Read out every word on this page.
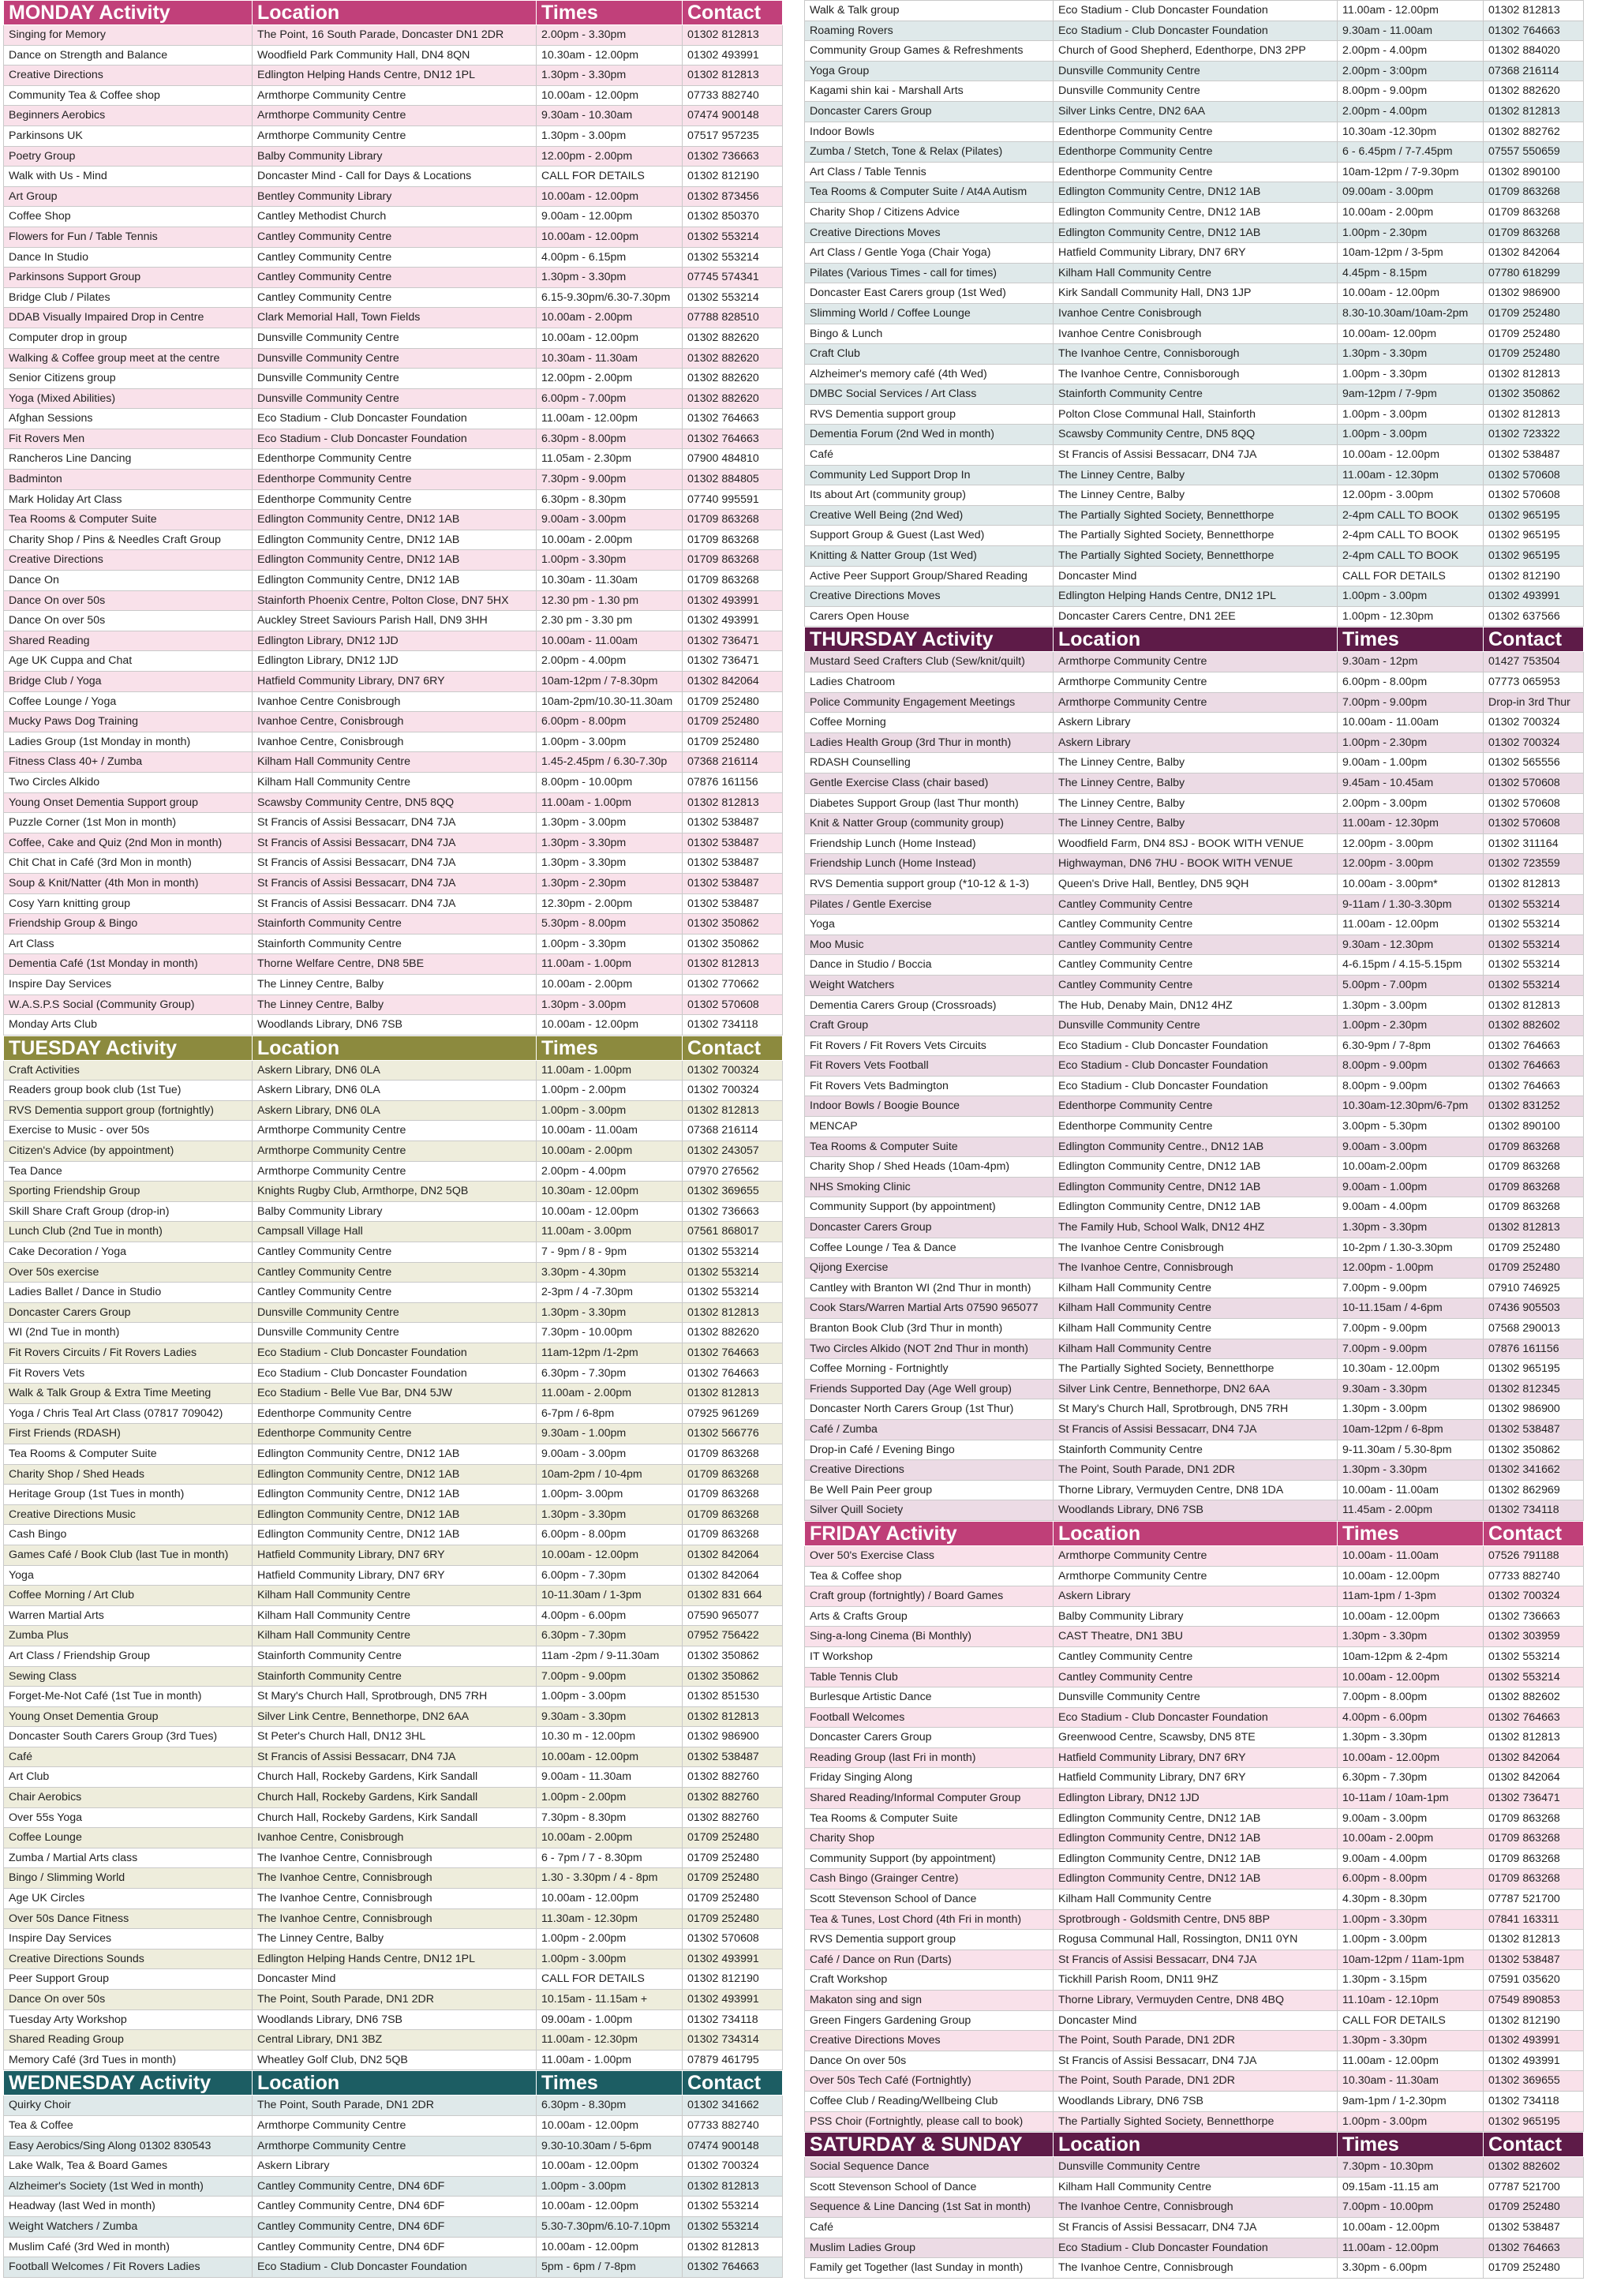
MONDAY Activity	Location	Times	Contact
Singing for Memory	The Point, 16 South Parade, Doncaster DN1 2DR	2.00pm - 3.30pm	01302 812813
Dance on Strength and Balance	Woodfield Park Community Hall, DN4 8QN	10.30am - 12.00pm	01302 493991
Creative Directions	Edlington Helping Hands Centre, DN12 1PL	1.30pm - 3.30pm	01302 812813
Community Tea & Coffee shop	Armthorpe Community Centre	10.00am - 12.00pm	07733 882740
Beginners Aerobics	Armthorpe Community Centre	9.30am - 10.30am	07474 900148
Parkinsons UK	Armthorpe Community Centre	1.30pm - 3.00pm	07517 957235
Poetry Group	Balby Community Library	12.00pm - 2.00pm	01302 736663
Walk with Us - Mind	Doncaster Mind - Call for Days & Locations	CALL FOR DETAILS	01302 812190
Art Group	Bentley Community Library	10.00am - 12.00pm	01302 873456
Coffee Shop	Cantley Methodist Church	9.00am - 12.00pm	01302 850370
Flowers for Fun / Table Tennis	Cantley Community Centre	10.00am - 12.00pm	01302 553214
Dance In Studio	Cantley Community Centre	4.00pm - 6.15pm	01302 553214
Parkinsons Support Group	Cantley Community Centre	1.30pm - 3.30pm	07745 574341
Bridge Club / Pilates	Cantley Community Centre	6.15-9.30pm/6.30-7.30pm	01302 553214
DDAB Visually Impaired Drop in Centre	Clark Memorial Hall, Town Fields	10.00am - 2.00pm	07788 828510
Computer drop in group	Dunsville Community Centre	10.00am - 12.00pm	01302 882620
Walking & Coffee group meet at the centre	Dunsville Community Centre	10.30am - 11.30am	01302 882620
Senior Citizens group	Dunsville Community Centre	12.00pm - 2.00pm	01302 882620
Yoga (Mixed Abilities)	Dunsville Community Centre	6.00pm - 7.00pm	01302 882620
Afghan Sessions	Eco Stadium - Club Doncaster Foundation	11.00am - 12.00pm	01302 764663
Fit Rovers Men	Eco Stadium - Club Doncaster Foundation	6.30pm - 8.00pm	01302 764663
Rancheros Line Dancing	Edenthorpe Community Centre	11.05am - 2.30pm	07900 484810
Badminton	Edenthorpe Community Centre	7.30pm - 9.00pm	01302 884805
Mark Holiday Art Class	Edenthorpe Community Centre	6.30pm - 8.30pm	07740 995591
Tea Rooms & Computer Suite	Edlington Community Centre, DN12 1AB	9.00am - 3.00pm	01709 863268
Charity Shop / Pins & Needles Craft Group	Edlington Community Centre, DN12 1AB	10.00am - 2.00pm	01709 863268
Creative Directions	Edlington Community Centre, DN12 1AB	1.00pm - 3.30pm	01709 863268
Dance On	Edlington Community Centre, DN12 1AB	10.30am - 11.30am	01709 863268
Dance On over 50s	Stainforth Phoenix Centre, Polton Close, DN7 5HX	12.30 pm - 1.30 pm	01302 493991
Dance On over 50s	Auckley Street Saviours Parish Hall, DN9 3HH	2.30 pm - 3.30 pm	01302 493991
Shared Reading	Edlington Library, DN12 1JD	10.00am - 11.00am	01302 736471
Age UK Cuppa and Chat	Edlington Library, DN12 1JD	2.00pm - 4.00pm	01302 736471
Bridge Club / Yoga	Hatfield Community Library, DN7 6RY	10am-12pm / 7-8.30pm	01302 842064
Coffee Lounge / Yoga	Ivanhoe Centre Conisbrough	10am-2pm/10.30-11.30am	01709 252480
Mucky Paws Dog Training	Ivanhoe Centre, Conisbrough	6.00pm - 8.00pm	01709 252480
Ladies Group (1st Monday in month)	Ivanhoe Centre, Conisbrough	1.00pm - 3.00pm	01709 252480
Fitness Class 40+ / Zumba	Kilham Hall Community Centre	1.45-2.45pm / 6.30-7.30p	07368 216114
Two Circles Alkido	Kilham Hall Community Centre	8.00pm - 10.00pm	07876 161156
Young Onset Dementia Support group	Scawsby Community Centre, DN5 8QQ	11.00am - 1.00pm	01302 812813
Puzzle Corner (1st Mon in month)	St Francis of Assisi Bessacarr, DN4 7JA	1.30pm - 3.00pm	01302 538487
Coffee, Cake and Quiz (2nd Mon in month)	St Francis of Assisi Bessacarr, DN4 7JA	1.30pm - 3.30pm	01302 538487
Chit Chat in Café (3rd Mon in month)	St Francis of Assisi Bessacarr, DN4 7JA	1.30pm - 3.30pm	01302 538487
Soup & Knit/Natter (4th Mon in month)	St Francis of Assisi Bessacarr, DN4 7JA	1.30pm - 2.30pm	01302 538487
Cosy Yarn knitting group	St Francis of Assisi Bessacarr. DN4 7JA	12.30pm - 2.00pm	01302 538487
Friendship Group & Bingo	Stainforth Community Centre	5.30pm - 8.00pm	01302 350862
Art Class	Stainforth Community Centre	1.00pm - 3.30pm	01302 350862
Dementia Café (1st Monday in month)	Thorne Welfare Centre, DN8 5BE	11.00am - 1.00pm	01302 812813
Inspire Day Services	The Linney Centre, Balby	10.00am - 2.00pm	01302 770662
W.A.S.P.S Social (Community Group)	The Linney Centre, Balby	1.30pm - 3.00pm	01302 570608
Monday Arts Club	Woodlands Library, DN6 7SB	10.00am - 12.00pm	01302 734118
TUESDAY Activity	Location	Times	Contact
Craft Activities	Askern Library, DN6 0LA	11.00am - 1.00pm	01302 700324
Readers group book club (1st Tue)	Askern Library, DN6 0LA	1.00pm - 2.00pm	01302 700324
RVS Dementia support group (fortnightly)	Askern Library, DN6 0LA	1.00pm - 3.00pm	01302 812813
Exercise to Music - over 50s	Armthorpe Community Centre	10.00am - 11.00am	07368 216114
Citizen's Advice (by appointment)	Armthorpe Community Centre	10.00am - 2.00pm	01302 243057
Tea Dance	Armthorpe Community Centre	2.00pm - 4.00pm	07970 276562
Sporting Friendship Group	Knights Rugby Club, Armthorpe, DN2 5QB	10.30am - 12.00pm	01302 369655
Skill Share Craft Group (drop-in)	Balby Community Library	10.00am - 12.00pm	01302 736663
Lunch Club (2nd Tue in month)	Campsall Village Hall	11.00am - 3.00pm	07561 868017
Cake Decoration / Yoga	Cantley Community Centre	7 - 9pm / 8 - 9pm	01302 553214
Over 50s exercise	Cantley Community Centre	3.30pm - 4.30pm	01302 553214
Ladies Ballet / Dance in Studio	Cantley Community Centre	2-3pm / 4 -7.30pm	01302 553214
Doncaster Carers Group	Dunsville Community Centre	1.30pm - 3.30pm	01302 812813
WI (2nd Tue in month)	Dunsville Community Centre	7.30pm - 10.00pm	01302 882620
Fit Rovers Circuits / Fit Rovers Ladies	Eco Stadium - Club Doncaster Foundation	11am-12pm /1-2pm	01302 764663
Fit Rovers Vets	Eco Stadium - Club Doncaster Foundation	6.30pm - 7.30pm	01302 764663
Walk & Talk Group & Extra Time Meeting	Eco Stadium - Belle Vue Bar, DN4 5JW	11.00am - 2.00pm	01302 812813
Yoga / Chris Teal Art Class (07817 709042)	Edenthorpe Community Centre	6-7pm / 6-8pm	07925 961269
First Friends (RDASH)	Edenthorpe Community Centre	9.30am - 1.00pm	01302 566776
Tea Rooms & Computer Suite	Edlington Community Centre, DN12 1AB	9.00am - 3.00pm	01709 863268
Charity Shop / Shed Heads	Edlington Community Centre, DN12 1AB	10am-2pm / 10-4pm	01709 863268
Heritage Group (1st Tues in month)	Edlington Community Centre, DN12 1AB	1.00pm- 3.00pm	01709 863268
Creative Directions Music	Edlington Community Centre, DN12 1AB	1.30pm - 3.30pm	01709 863268
Cash Bingo	Edlington Community Centre, DN12 1AB	6.00pm - 8.00pm	01709 863268
Games Café / Book Club (last Tue in month)	Hatfield Community Library, DN7 6RY	10.00am - 12.00pm	01302 842064
Yoga	Hatfield Community Library, DN7 6RY	6.00pm - 7.30pm	01302 842064
Coffee Morning / Art Club	Kilham Hall Community Centre	10-11.30am / 1-3pm	01302 831 664
Warren Martial Arts	Kilham Hall Community Centre	4.00pm - 6.00pm	07590 965077
Zumba Plus	Kilham Hall Community Centre	6.30pm - 7.30pm	07952 756422
Art Class / Friendship Group	Stainforth Community Centre	11am -2pm / 9-11.30am	01302 350862
Sewing Class	Stainforth Community Centre	7.00pm - 9.00pm	01302 350862
Forget-Me-Not Café (1st Tue in month)	St Mary's Church Hall, Sprotbrough, DN5 7RH	1.00pm - 3.00pm	01302 851530
Young Onset Dementia Group	Silver Link Centre, Bennethorpe, DN2 6AA	9.30am - 3.30pm	01302 812813
Doncaster South Carers Group (3rd Tues)	St Peter's Church Hall, DN12 3HL	10.30 m - 12.00pm	01302 986900
Café	St Francis of Assisi Bessacarr, DN4 7JA	10.00am - 12.00pm	01302 538487
Art Club	Church Hall, Rockeby Gardens, Kirk Sandall	9.00am - 11.30am	01302 882760
Chair Aerobics	Church Hall, Rockeby Gardens, Kirk Sandall	1.00pm - 2.00pm	01302 882760
Over 55s Yoga	Church Hall, Rockeby Gardens, Kirk Sandall	7.30pm - 8.30pm	01302 882760
Coffee Lounge	Ivanhoe Centre, Conisbrough	10.00am - 2.00pm	01709 252480
Zumba / Martial Arts class	The Ivanhoe Centre, Connisbrough	6 - 7pm / 7 - 8.30pm	01709 252480
Bingo / Slimming World	The Ivanhoe Centre, Connisbrough	1.30 - 3.30pm / 4 - 8pm	01709 252480
Age UK Circles	The Ivanhoe Centre, Connisbrough	10.00am - 12.00pm	01709 252480
Over 50s Dance Fitness	The Ivanhoe Centre, Connisbrough	11.30am - 12.30pm	01709 252480
Inspire Day Services	The Linney Centre, Balby	1.00pm - 2.00pm	01302 570608
Creative Directions Sounds	Edlington Helping Hands Centre, DN12 1PL	1.00pm - 3.00pm	01302 493991
Peer Support Group	Doncaster Mind	CALL FOR DETAILS	01302 812190
Dance On over 50s	The Point, South Parade, DN1 2DR	10.15am - 11.15am +	01302 493991
Tuesday Arty Workshop	Woodlands Library, DN6 7SB	09.00am - 1.00pm	01302 734118
Shared Reading Group	Central Library, DN1 3BZ	11.00am - 12.30pm	01302 734314
Memory Café (3rd Tues in month)	Wheatley Golf Club, DN2 5QB	11.00am - 1.00pm	07879 461795
WEDNESDAY Activity	Location	Times	Contact
Quirky Choir	The Point, South Parade, DN1 2DR	6.30pm - 8.30pm	01302 341662
Tea & Coffee	Armthorpe Community Centre	10.00am - 12.00pm	07733 882740
Easy Aerobics/Sing Along 01302 830543	Armthorpe Community Centre	9.30-10.30am / 5-6pm	07474 900148
Lake Walk, Tea & Board Games	Askern Library	10.00am - 12.00pm	01302 700324
Alzheimer's Society (1st Wed in month)	Cantley Community Centre, DN4 6DF	1.00pm - 3.00pm	01302 812813
Headway (last Wed in month)	Cantley Community Centre, DN4 6DF	10.00am - 12.00pm	01302 553214
Weight Watchers / Zumba	Cantley Community Centre, DN4 6DF	5.30-7.30pm/6.10-7.10pm	01302 553214
Muslim Café (3rd Wed in month)	Cantley Community Centre, DN4 6DF	10.00am - 12.00pm	01302 812813
Football Welcomes / Fit Rovers Ladies	Eco Stadium - Club Doncaster Foundation	5pm - 6pm / 7-8pm	01302 764663
Walk & Talk group	Eco Stadium - Club Doncaster Foundation	11.00am - 12.00pm	01302 812813
Roaming Rovers	Eco Stadium - Club Doncaster Foundation	9.30am - 11.00am	01302 764663
Community Group Games & Refreshments	Church of Good Shepherd, Edenthorpe, DN3 2PP	2.00pm - 4.00pm	01302 884020
Yoga Group	Dunsville Community Centre	2.00pm - 3:00pm	07368 216114
Kagami shin kai - Marshall Arts	Dunsville Community Centre	8.00pm - 9.00pm	01302 882620
Doncaster Carers Group	Silver Links Centre, DN2 6AA	2.00pm - 4.00pm	01302 812813
Indoor Bowls	Edenthorpe Community Centre	10.30am -12.30pm	01302 882762
Zumba / Stetch, Tone & Relax (Pilates)	Edenthorpe Community Centre	6 - 6.45pm / 7-7.45pm	07557 550659
Art Class / Table Tennis	Edenthorpe Community Centre	10am-12pm / 7-9.30pm	01302 890100
Tea Rooms & Computer Suite / At4A Autism	Edlington Community Centre, DN12 1AB	09.00am - 3.00pm	01709 863268
Charity Shop / Citizens Advice	Edlington Community Centre, DN12 1AB	10.00am - 2.00pm	01709 863268
Creative Directions Moves	Edlington Community Centre, DN12 1AB	1.00pm - 2.30pm	01709 863268
Art Class / Gentle Yoga (Chair Yoga)	Hatfield Community Library, DN7 6RY	10am-12pm / 3-5pm	01302 842064
Pilates (Various Times - call for times)	Kilham Hall Community Centre	4.45pm - 8.15pm	07780 618299
Doncaster East Carers group (1st Wed)	Kirk Sandall Community Hall, DN3 1JP	10.00am - 12.00pm	01302 986900
Slimming World / Coffee Lounge	Ivanhoe Centre Conisbrough	8.30-10.30am/10am-2pm	01709 252480
Bingo & Lunch	Ivanhoe Centre Conisbrough	10.00am- 12.00pm	01709 252480
Craft Club	The Ivanhoe Centre, Connisborough	1.30pm - 3.30pm	01709 252480
Alzheimer's memory café (4th Wed)	The Ivanhoe Centre, Connisborough	1.00pm - 3.30pm	01302 812813
DMBC Social Services / Art Class	Stainforth Community Centre	9am-12pm / 7-9pm	01302 350862
RVS Dementia support group	Polton Close Communal Hall, Stainforth	1.00pm - 3.00pm	01302 812813
Dementia Forum (2nd Wed in month)	Scawsby Community Centre, DN5 8QQ	1.00pm - 3.00pm	01302 723322
Café	St Francis of Assisi Bessacarr, DN4 7JA	10.00am - 12.00pm	01302 538487
Community Led Support Drop In	The Linney Centre, Balby	11.00am - 12.30pm	01302 570608
Its about Art (community group)	The Linney Centre, Balby	12.00pm - 3.00pm	01302 570608
Creative Well Being (2nd Wed)	The Partially Sighted Society, Bennetthorpe	2-4pm CALL TO BOOK	01302 965195
Support Group & Guest (Last Wed)	The Partially Sighted Society, Bennetthorpe	2-4pm CALL TO BOOK	01302 965195
Knitting & Natter Group (1st Wed)	The Partially Sighted Society, Bennetthorpe	2-4pm CALL TO BOOK	01302 965195
Active Peer Support Group/Shared Reading	Doncaster Mind	CALL FOR DETAILS	01302 812190
Creative Directions Moves	Edlington Helping Hands Centre, DN12 1PL	1.00pm - 3.00pm	01302 493991
Carers Open House	Doncaster Carers Centre, DN1 2EE	1.00pm - 12.30pm	01302 637566
THURSDAY Activity	Location	Times	Contact
Mustard Seed Crafters Club (Sew/knit/quilt)	Armthorpe Community Centre	9.30am - 12pm	01427 753504
Ladies Chatroom	Armthorpe Community Centre	6.00pm - 8.00pm	07773 065953
Police Community Engagement Meetings	Armthorpe Community Centre	7.00pm - 9.00pm	Drop-in 3rd Thur
Coffee Morning	Askern Library	10.00am - 11.00am	01302 700324
Ladies Health Group (3rd Thur in month)	Askern Library	1.00pm - 2.30pm	01302 700324
RDASH Counselling	The Linney Centre, Balby	9.00am - 1.00pm	01302 565556
Gentle Exercise Class (chair based)	The Linney Centre, Balby	9.45am - 10.45am	01302 570608
Diabetes Support Group (last Thur month)	The Linney Centre, Balby	2.00pm - 3.00pm	01302 570608
Knit & Natter Group (community group)	The Linney Centre, Balby	11.00am - 12.30pm	01302 570608
Friendship Lunch (Home Instead)	Woodfield Farm, DN4 8SJ - BOOK WITH VENUE	12.00pm - 3.00pm	01302 311164
Friendship Lunch (Home Instead)	Highwayman, DN6 7HU - BOOK WITH VENUE	12.00pm - 3.00pm	01302 723559
RVS Dementia support group (*10-12 & 1-3)	Queen's Drive Hall, Bentley, DN5 9QH	10.00am - 3.00pm*	01302 812813
Pilates / Gentle Exercise	Cantley Community Centre	9-11am / 1.30-3.30pm	01302 553214
Yoga	Cantley Community Centre	11.00am - 12.00pm	01302 553214
Moo Music	Cantley Community Centre	9.30am - 12.30pm	01302 553214
Dance in Studio / Boccia	Cantley Community Centre	4-6.15pm / 4.15-5.15pm	01302 553214
Weight Watchers	Cantley Community Centre	5.00pm - 7.00pm	01302 553214
Dementia Carers Group (Crossroads)	The Hub, Denaby Main, DN12 4HZ	1.30pm - 3.00pm	01302 812813
Craft Group	Dunsville Community Centre	1.00pm - 2.30pm	01302 882602
Fit Rovers / Fit Rovers Vets Circuits	Eco Stadium - Club Doncaster Foundation	6.30-9pm / 7-8pm	01302 764663
Fit Rovers Vets Football	Eco Stadium - Club Doncaster Foundation	8.00pm - 9.00pm	01302 764663
Fit Rovers Vets Badmington	Eco Stadium - Club Doncaster Foundation	8.00pm - 9.00pm	01302 764663
Indoor Bowls / Boogie Bounce	Edenthorpe Community Centre	10.30am-12.30pm/6-7pm	01302 831252
MENCAP	Edenthorpe Community Centre	3.00pm - 5.30pm	01302 890100
Tea Rooms & Computer Suite	Edlington Community Centre., DN12 1AB	9.00am - 3.00pm	01709 863268
Charity Shop / Shed Heads (10am-4pm)	Edlington Community Centre, DN12 1AB	10.00am-2.00pm	01709 863268
NHS Smoking Clinic	Edlington Community Centre, DN12 1AB	9.00am - 1.00pm	01709 863268
Community Support (by appointment)	Edlington Community Centre, DN12 1AB	9.00am - 4.00pm	01709 863268
Doncaster Carers Group	The Family Hub, School Walk, DN12 4HZ	1.30pm - 3.30pm	01302 812813
Coffee Lounge / Tea & Dance	The Ivanhoe Centre Conisbrough	10-2pm / 1.30-3.30pm	01709 252480
Qijong Exercise	The Ivanhoe Centre, Connisbrough	12.00pm - 1.00pm	01709 252480
Cantley with Branton WI (2nd Thur in month)	Kilham Hall Community Centre	7.00pm - 9.00pm	07910 746925
Cook Stars/Warren Martial Arts 07590 965077	Kilham Hall Community Centre	10-11.15am / 4-6pm	07436 905503
Branton Book Club (3rd Thur in month)	Kilham Hall Community Centre	7.00pm - 9.00pm	07568 290013
Two Circles Alkido (NOT 2nd Thur in month)	Kilham Hall Community Centre	7.00pm - 9.00pm	07876 161156
Coffee Morning - Fortnightly	The Partially Sighted Society, Bennetthorpe	10.30am - 12.00pm	01302 965195
Friends Supported Day (Age Well group)	Silver Link Centre, Bennethorpe, DN2 6AA	9.30am - 3.30pm	01302 812345
Doncaster North Carers Group (1st Thur)	St Mary's Church Hall, Sprotbrough, DN5 7RH	1.30pm - 3.00pm	01302 986900
Café / Zumba	St Francis of Assisi Bessacarr, DN4 7JA	10am-12pm / 6-8pm	01302 538487
Drop-in Café / Evening Bingo	Stainforth Community Centre	9-11.30am / 5.30-8pm	01302 350862
Creative Directions	The Point, South Parade, DN1 2DR	1.30pm - 3.30pm	01302 341662
Be Well Pain Peer group	Thorne Library, Vermuyden Centre, DN8 1DA	10.00am - 11.00am	01302 862969
Silver Quill Society	Woodlands Library, DN6 7SB	11.45am - 2.00pm	01302 734118
FRIDAY Activity	Location	Times	Contact
Over 50's Exercise Class	Armthorpe Community Centre	10.00am - 11.00am	07526 791188
Tea & Coffee shop	Armthorpe Community Centre	10.00am - 12.00pm	07733 882740
Craft group (fortnightly) / Board Games	Askern Library	11am-1pm / 1-3pm	01302 700324
Arts & Crafts Group	Balby Community Library	10.00am - 12.00pm	01302 736663
Sing-a-long Cinema (Bi Monthly)	CAST Theatre, DN1 3BU	1.30pm - 3.30pm	01302 303959
IT Workshop	Cantley Community Centre	10am-12pm & 2-4pm	01302 553214
Table Tennis Club	Cantley Community Centre	10.00am - 12.00pm	01302 553214
Burlesque Artistic Dance	Dunsville Community Centre	7.00pm - 8.00pm	01302 882602
Football Welcomes	Eco Stadium - Club Doncaster Foundation	4.00pm - 6.00pm	01302 764663
Doncaster Carers Group	Greenwood Centre, Scawsby, DN5 8TE	1.30pm - 3.30pm	01302 812813
Reading Group (last Fri in month)	Hatfield Community Library, DN7 6RY	10.00am - 12.00pm	01302 842064
Friday Singing Along	Hatfield Community Library, DN7 6RY	6.30pm - 7.30pm	01302 842064
Shared Reading/Informal Computer Group	Edlington Library, DN12 1JD	10-11am / 10am-1pm	01302 736471
Tea Rooms & Computer Suite	Edlington Community Centre, DN12 1AB	9.00am - 3.00pm	01709 863268
Charity Shop	Edlington Community Centre, DN12 1AB	10.00am - 2.00pm	01709 863268
Community Support (by appointment)	Edlington Community Centre, DN12 1AB	9.00am - 4.00pm	01709 863268
Cash Bingo (Grainger Centre)	Edlington Community Centre, DN12 1AB	6.00pm - 8.00pm	01709 863268
Scott Stevenson School of Dance	Kilham Hall Community Centre	4.30pm - 8.30pm	07787 521700
Tea & Tunes, Lost Chord (4th Fri in month)	Sprotbrough - Goldsmith Centre, DN5 8BP	1.00pm - 3.30pm	07841 163311
RVS Dementia support group	Rogusa Communal Hall, Rossington, DN11 0YN	1.00pm - 3.00pm	01302 812813
Café / Dance on Run (Darts)	St Francis of Assisi Bessacarr, DN4 7JA	10am-12pm / 11am-1pm	01302 538487
Craft Workshop	Tickhill Parish Room, DN11 9HZ	1.30pm - 3.15pm	07591 035620
Makaton sing and sign	Thorne Library, Vermuyden Centre, DN8 4BQ	11.10am - 12.10pm	07549 890853
Green Fingers Gardening Group	Doncaster Mind	CALL FOR DETAILS	01302 812190
Creative Directions Moves	The Point, South Parade, DN1 2DR	1.30pm - 3.30pm	01302 493991
Dance On over 50s	St Francis of Assisi Bessacarr, DN4 7JA	11.00am - 12.00pm	01302 493991
Over 50s Tech Café (Fortnightly)	The Point, South Parade, DN1 2DR	10.30am - 11.30am	01302 369655
Coffee Club / Reading/Wellbeing Club	Woodlands Library, DN6 7SB	9am-1pm / 1-2.30pm	01302 734118
PSS Choir (Fortnightly, please call to book)	The Partially Sighted Society, Bennetthorpe	1.00pm - 3.00pm	01302 965195
SATURDAY & SUNDAY	Location	Times	Contact
Social Sequence Dance	Dunsville Community Centre	7.30pm - 10.30pm	01302 882602
Scott Stevenson School of Dance	Kilham Hall Community Centre	09.15am -11.15 am	07787 521700
Sequence & Line Dancing (1st Sat in month)	The Ivanhoe Centre, Connisbrough	7.00pm - 10.00pm	01709 252480
Café	St Francis of Assisi Bessacarr, DN4 7JA	10.00am - 12.00pm	01302 538487
Muslim Ladies Group	Eco Stadium - Club Doncaster Foundation	11.00am - 12.00pm	01302 764663
Family get Together (last Sunday in month)	The Ivanhoe Centre, Connisbrough	3.30pm - 6.00pm	01709 252480
